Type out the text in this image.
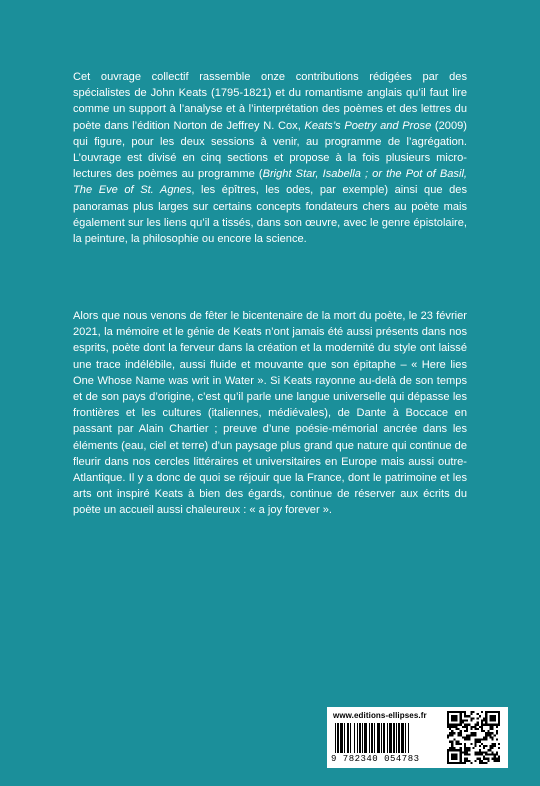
Cet ouvrage collectif rassemble onze contributions rédigées par des spécialistes de John Keats (1795-1821) et du romantisme anglais qu’il faut lire comme un support à l’analyse et à l’interprétation des poèmes et des lettres du poète dans l’édition Norton de Jeffrey N. Cox, Keats’s Poetry and Prose (2009) qui figure, pour les deux sessions à venir, au programme de l’agrégation. L’ouvrage est divisé en cinq sections et propose à la fois plusieurs micro-lectures des poèmes au programme (Bright Star, Isabella ; or the Pot of Basil, The Eve of St. Agnes, les épîtres, les odes, par exemple) ainsi que des panoramas plus larges sur certains concepts fondateurs chers au poète mais également sur les liens qu’il a tissés, dans son œuvre, avec le genre épistolaire, la peinture, la philosophie ou encore la science.

Alors que nous venons de fêter le bicentenaire de la mort du poète, le 23 février 2021, la mémoire et le génie de Keats n’ont jamais été aussi présents dans nos esprits, poète dont la ferveur dans la création et la modernité du style ont laissé une trace indélébile, aussi fluide et mouvante que son épitaphe – « Here lies One Whose Name was writ in Water ». Si Keats rayonne au-delà de son temps et de son pays d’origine, c’est qu’il parle une langue universelle qui dépasse les frontières et les cultures (italiennes, médiévales), de Dante à Boccace en passant par Alain Chartier ; preuve d’une poésie-mémorial ancrée dans les éléments (eau, ciel et terre) d’un paysage plus grand que nature qui continue de fleurir dans nos cercles littéraires et universitaires en Europe mais aussi outre-Atlantique. Il y a donc de quoi se réjouir que la France, dont le patrimoine et les arts ont inspiré Keats à bien des égards, continue de réserver aux écrits du poète un accueil aussi chaleureux : « a joy forever ».

www.editions-ellipses.fr
9 782340 054783
